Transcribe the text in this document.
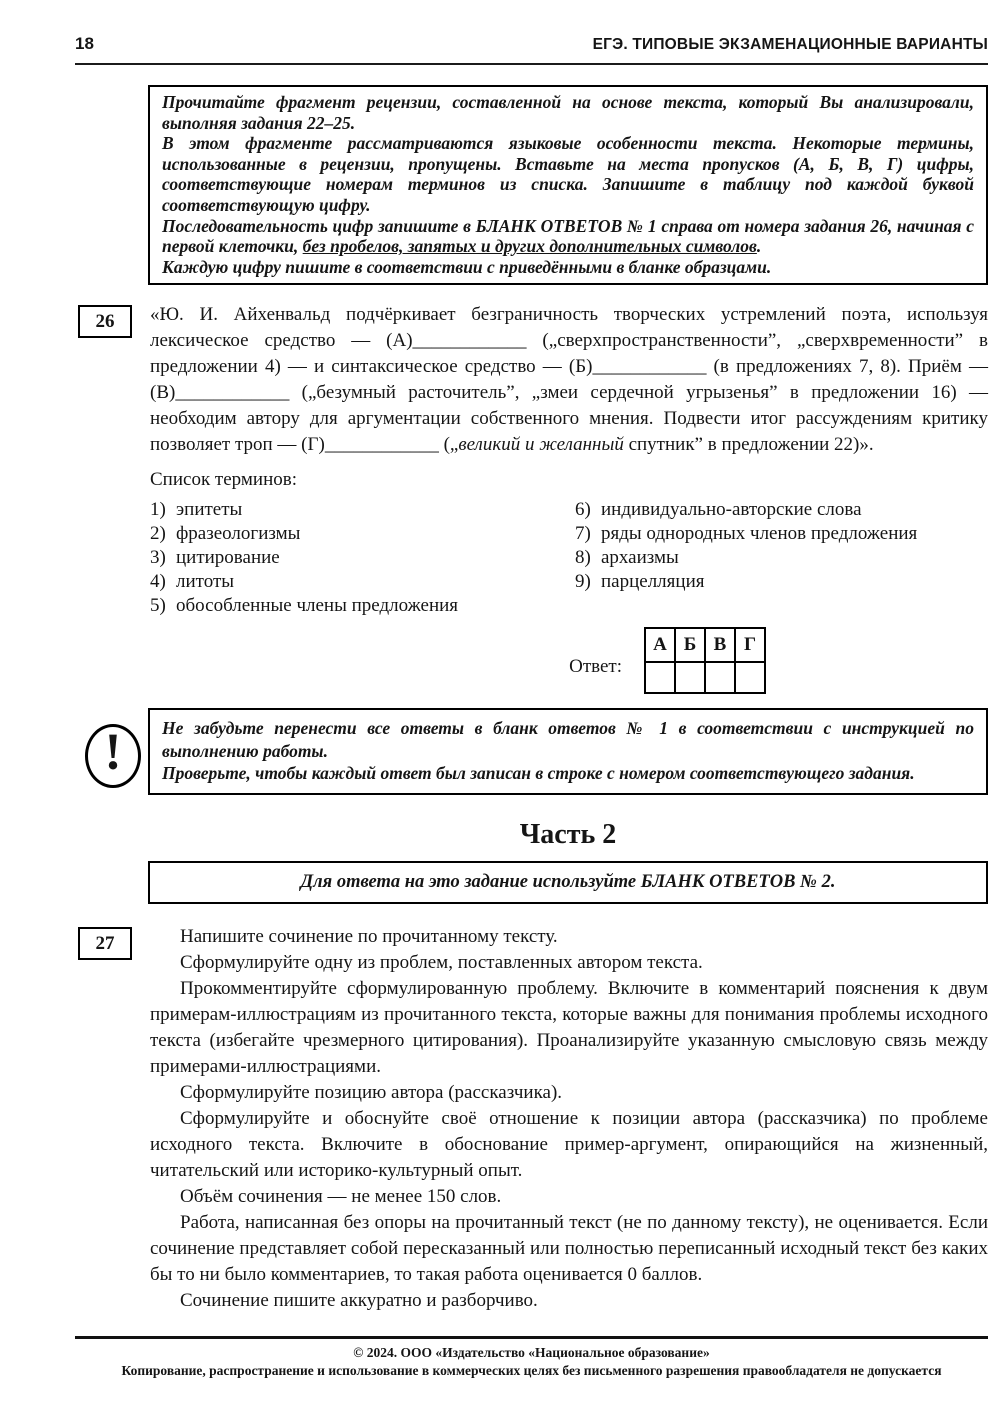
18	ЕГЭ. ТИПОВЫЕ ЭКЗАМЕНАЦИОННЫЕ ВАРИАНТЫ

Прочитайте фрагмент рецензии, составленной на основе текста, который Вы анализировали, выполняя задания 22–25.

В этом фрагменте рассматриваются языковые особенности текста. Некоторые термины, использованные в рецензии, пропущены. Вставьте на места пропусков (А, Б, В, Г) цифры, соответствующие номерам терминов из списка. Запишите в таблицу под каждой буквой соответствующую цифру.

Последовательность цифр запишите в БЛАНК ОТВЕТОВ № 1 справа от номера задания 26, начиная с первой клеточки, без пробелов, запятых и других дополнительных символов.

Каждую цифру пишите в соответствии с приведёнными в бланке образцами.

26	«Ю. И. Айхенвальд подчёркивает безграничность творческих устремлений поэта, используя лексическое средство — (А)____________ („сверхпространственности”, „сверхвременности” в предложении 4) — и синтаксическое средство — (Б)____________ (в предложениях 7, 8). Приём — (В)____________ („безумный расточитель”, „змеи сердечной угрызенья” в предложении 16) — необходим автору для аргументации собственного мнения. Подвести итог рассуждениям критику позволяет троп — (Г)____________ („великий и желанный спутник” в предложении 22)».

Список терминов:

1) эпитеты
2) фразеологизмы
3) цитирование
4) литоты
5) обособленные члены предложения
6) индивидуально-авторские слова
7) ряды однородных членов предложения
8) архаизмы
9) парцелляция
Ответ:
А	Б	В	Г

! Не забудьте перенести все ответы в бланк ответов № 1 в соответствии с инструкцией по выполнению работы.

Проверьте, чтобы каждый ответ был записан в строке с номером соответствующего задания.

Часть 2
Для ответа на это задание используйте БЛАНК ОТВЕТОВ № 2.
27	Напишите сочинение по прочитанному тексту.

Сформулируйте одну из проблем, поставленных автором текста.

Прокомментируйте сформулированную проблему. Включите в комментарий пояснения к двум примерам-иллюстрациям из прочитанного текста, которые важны для понимания проблемы исходного текста (избегайте чрезмерного цитирования). Проанализируйте указанную смысловую связь между примерами-иллюстрациями.

Сформулируйте позицию автора (рассказчика).

Сформулируйте и обоснуйте своё отношение к позиции автора (рассказчика) по проблеме исходного текста. Включите в обоснование пример-аргумент, опирающийся на жизненный, читательский или историко-культурный опыт.

Объём сочинения — не менее 150 слов.

Работа, написанная без опоры на прочитанный текст (не по данному тексту), не оценивается. Если сочинение представляет собой пересказанный или полностью переписанный исходный текст без каких бы то ни было комментариев, то такая работа оценивается 0 баллов.

Сочинение пишите аккуратно и разборчиво.

© 2024. ООО «Издательство «Национальное образование»
Копирование, распространение и использование в коммерческих целях без письменного разрешения правообладателя не допускается
